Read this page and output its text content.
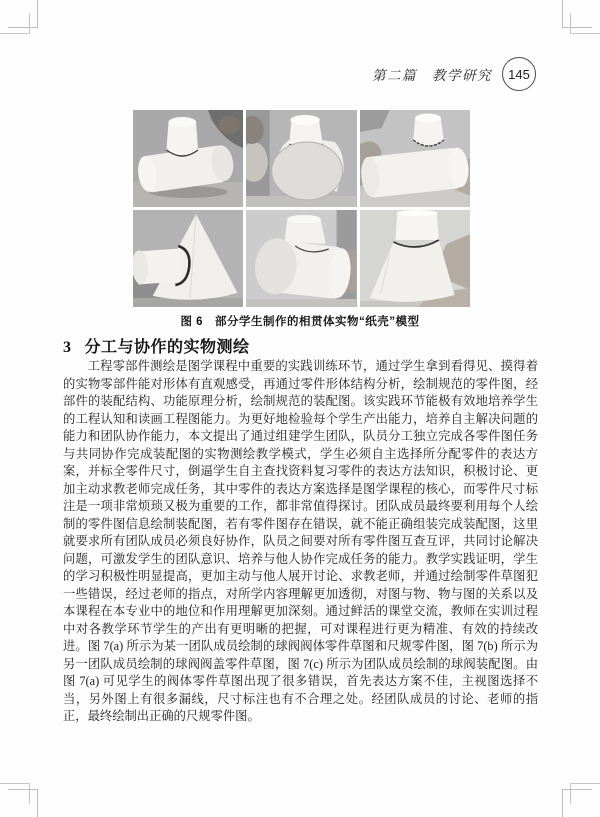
第二篇　教学研究	145
图 6　部分学生制作的相贯体实物“纸壳”模型
3 分工与协作的实物测绘

工程零部件测绘是图学课程中重要的实践训练环节，通过学生拿到看得见、摸得着的实物零部件能对形体有直观感受，再通过零件形体结构分析，绘制规范的零件图，经部件的装配结构、功能原理分析，绘制规范的装配图。该实践环节能极有效地培养学生的工程认知和读画工程图能力。为更好地检验每个学生产出能力，培养自主解决问题的能力和团队协作能力，本文提出了通过组建学生团队，队员分工独立完成各零件图任务与共同协作完成装配图的实物测绘教学模式，学生必须自主选择所分配零件的表达方案，并标全零件尺寸，倒逼学生自主查找资料复习零件的表达方法知识，积极讨论、更加主动求教老师完成任务，其中零件的表达方案选择是图学课程的核心，而零件尺寸标注是一项非常烦琐又极为重要的工作，都非常值得探讨。团队成员最终要利用每个人绘制的零件图信息绘制装配图，若有零件图存在错误，就不能正确组装完成装配图，这里就要求所有团队成员必须良好协作，队员之间要对所有零件图互查互评，共同讨论解决问题，可激发学生的团队意识、培养与他人协作完成任务的能力。教学实践证明，学生的学习积极性明显提高，更加主动与他人展开讨论、求教老师，并通过绘制零件草图犯一些错误，经过老师的指点，对所学内容理解更加透彻，对图与物、物与图的关系以及本课程在本专业中的地位和作用理解更加深刻。通过鲜活的课堂交流，教师在实训过程中对各教学环节学生的产出有更明晰的把握，可对课程进行更为精准、有效的持续改进。图 7(a) 所示为某一团队成员绘制的球阀阀体零件草图和尺规零件图，图 7(b) 所示为另一团队成员绘制的球阀阀盖零件草图，图 7(c) 所示为团队成员绘制的球阀装配图。由图 7(a) 可见学生的阀体零件草图出现了很多错误，首先表达方案不佳，主视图选择不当，另外图上有很多漏线，尺寸标注也有不合理之处。经团队成员的讨论、老师的指正，最终绘制出正确的尺规零件图。
